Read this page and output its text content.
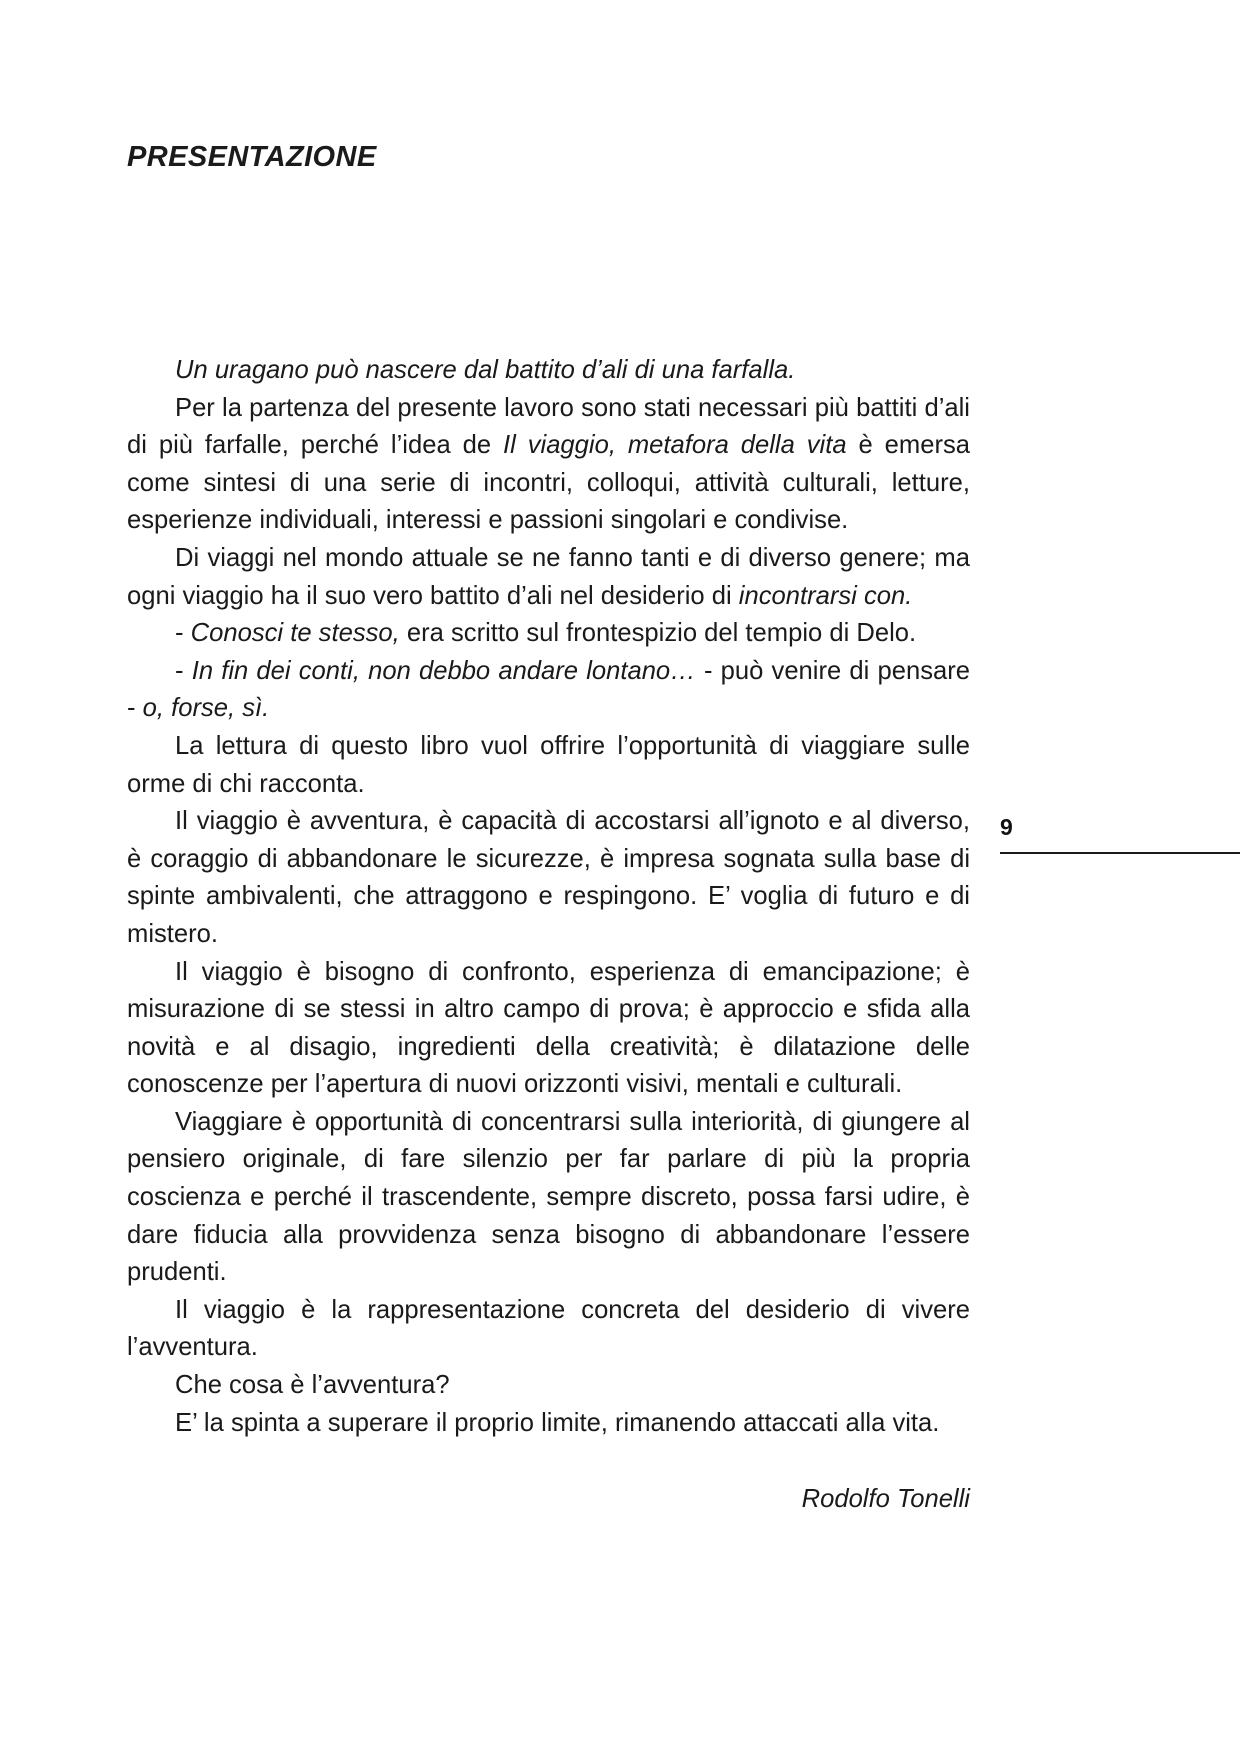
PRESENTAZIONE

Un uragano può nascere dal battito d’ali di una farfalla.

Per la partenza del presente lavoro sono stati necessari più battiti d’ali di più farfalle, perché l’idea de Il viaggio, metafora della vita è emersa come sintesi di una serie di incontri, colloqui, attività culturali, letture, esperienze individuali, interessi e passioni singolari e condivise.

Di viaggi nel mondo attuale se ne fanno tanti e di diverso genere; ma ogni viaggio ha il suo vero battito d’ali nel desiderio di incontrarsi con.

- Conosci te stesso, era scritto sul frontespizio del tempio di Delo.

- In fin dei conti, non debbo andare lontano… - può venire di pensare - o, forse, sì.

La lettura di questo libro vuol offrire l’opportunità di viaggiare sulle orme di chi racconta.

Il viaggio è avventura, è capacità di accostarsi all’ignoto e al diverso, è coraggio di abbandonare le sicurezze, è impresa sognata sulla base di spinte ambivalenti, che attraggono e respingono. E’ voglia di futuro e di mistero.

Il viaggio è bisogno di confronto, esperienza di emancipazione; è misurazione di se stessi in altro campo di prova; è approccio e sfida alla novità e al disagio, ingredienti della creatività; è dilatazione delle conoscenze per l’apertura di nuovi orizzonti visivi, mentali e culturali.

Viaggiare è opportunità di concentrarsi sulla interiorità, di giungere al pensiero originale, di fare silenzio per far parlare di più la propria coscienza e perché il trascendente, sempre discreto, possa farsi udire, è dare fiducia alla provvidenza senza bisogno di abbandonare l’essere prudenti.

Il viaggio è la rappresentazione concreta del desiderio di vivere l’avventura.

Che cosa è l’avventura?

E’ la spinta a superare il proprio limite, rimanendo attaccati alla vita.

Rodolfo Tonelli
9
